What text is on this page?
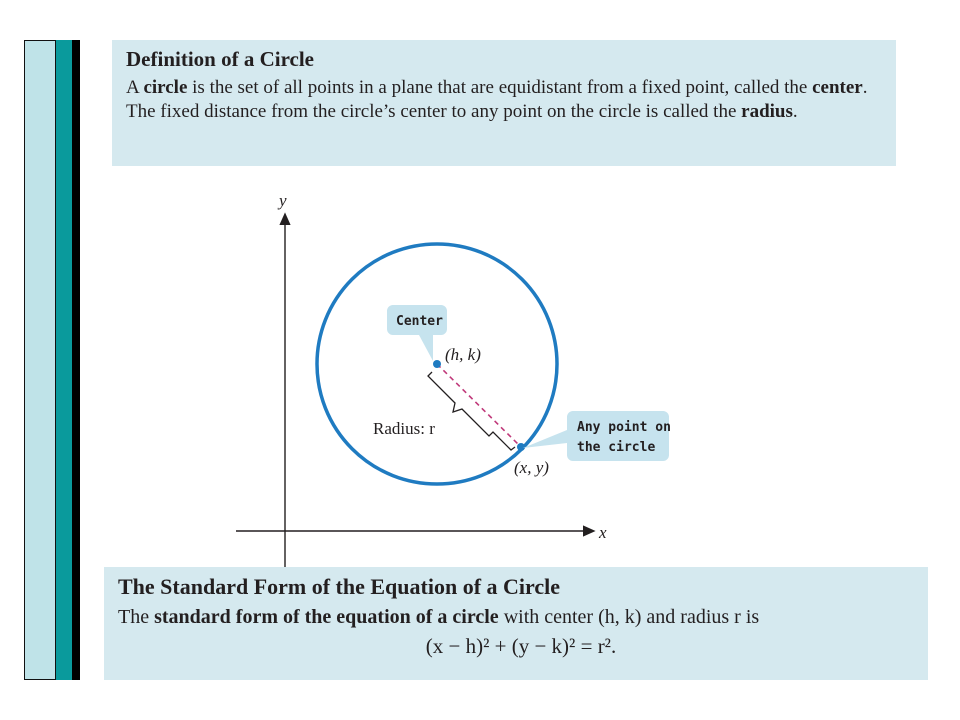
Definition of a Circle

A circle is the set of all points in a plane that are equidistant from a fixed point, called the center. The fixed distance from the circle’s center to any point on the circle is called the radius.

y
x
Center
Any point on
the circle
(h, k)
Radius: r
(x, y)

The Standard Form of the Equation of a Circle

The standard form of the equation of a circle with center (h, k) and radius r is

(x − h)² + (y − k)² = r².
